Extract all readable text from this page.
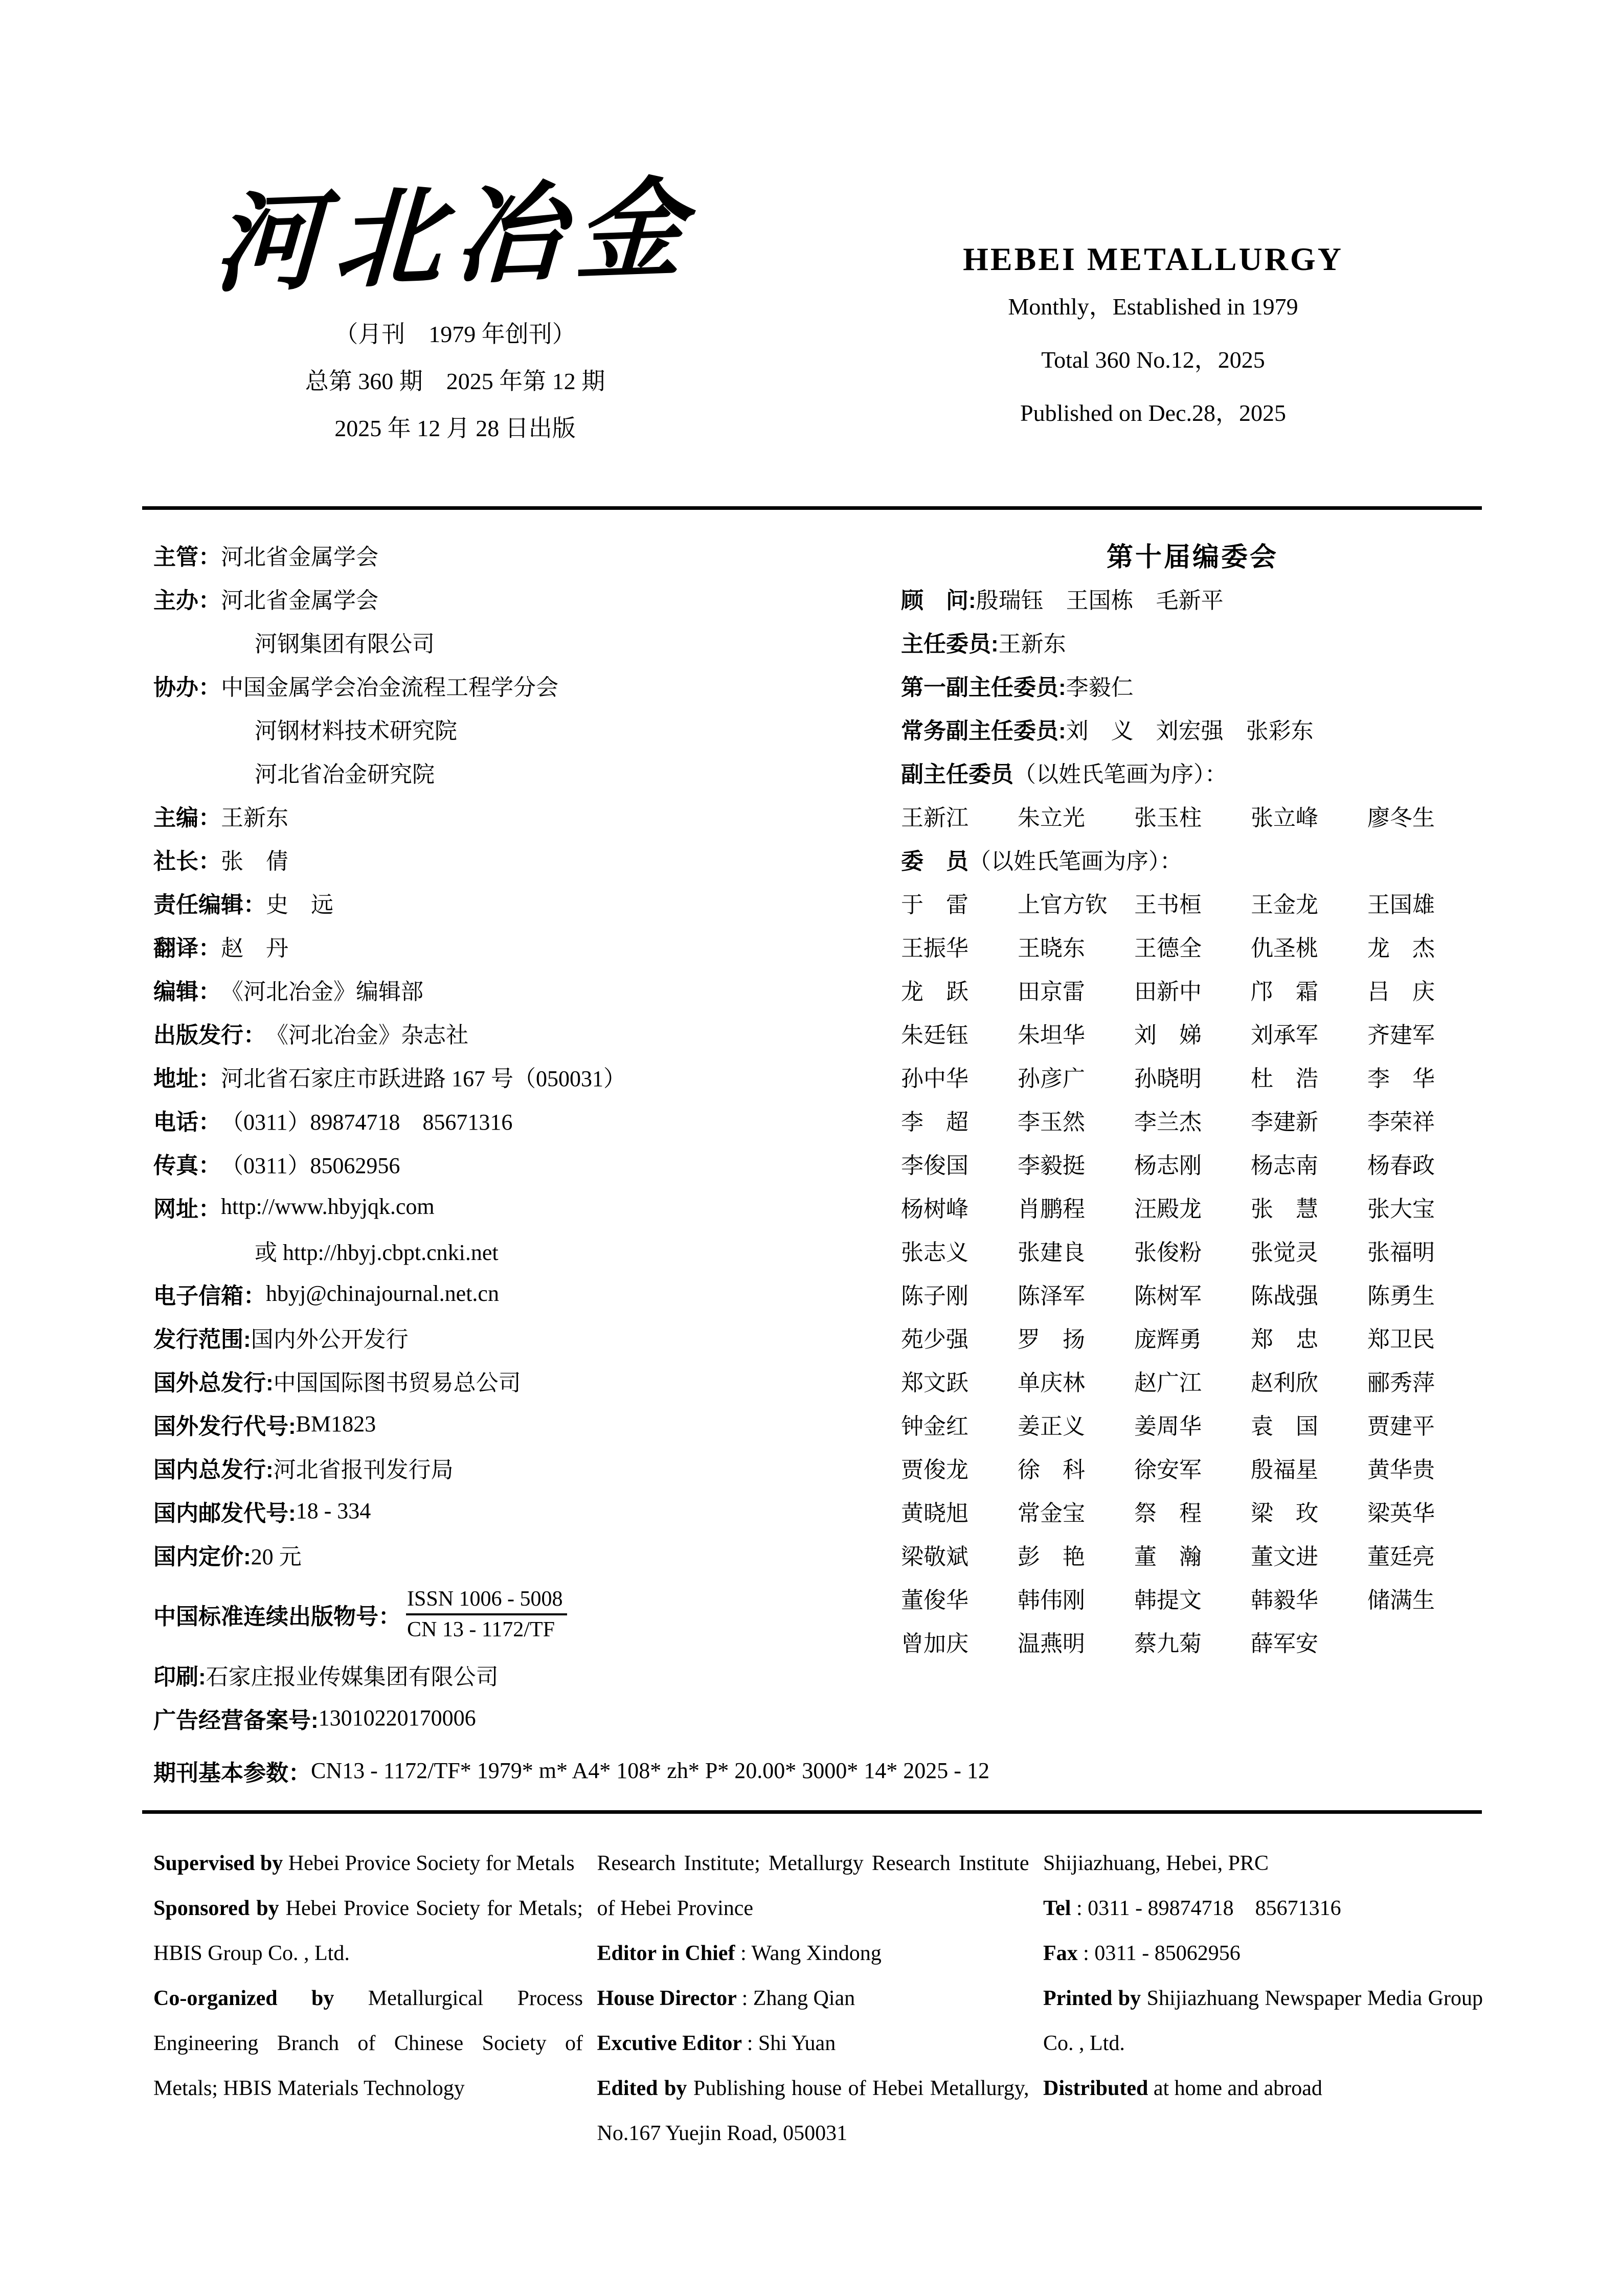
河北冶金
（月刊　1979 年创刊）
总第 360 期　2025 年第 12 期
2025 年 12 月 28 日出版
HEBEI METALLURGY
Monthly，Established in 1979
Total 360 No.12，2025
Published on Dec.28，2025
主管： 河北省金属学会
主办： 河北省金属学会
河钢集团有限公司
协办： 中国金属学会冶金流程工程学分会
河钢材料技术研究院
河北省冶金研究院
主编： 王新东
社长： 张　倩
责任编辑： 史　远
翻译： 赵　丹
编辑： 《河北冶金》编辑部
出版发行： 《河北冶金》杂志社
地址： 河北省石家庄市跃进路 167 号（050031）
电话： （0311）89874718　85671316
传真： （0311）85062956
网址： http://www.hbyjqk.com
或 http://hbyj.cbpt.cnki.net
电子信箱： hbyj@chinajournal.net.cn
发行范围: 国内外公开发行
国外总发行: 中国国际图书贸易总公司
国外发行代号: BM1823
国内总发行: 河北省报刊发行局
国内邮发代号: 18 - 334
国内定价: 20 元
中国标准连续出版物号： $\frac{\text{ISSN 1006 - 5008}}{CN 13 - 1172/TF}$
印刷: 石家庄报业传媒集团有限公司
广告经营备案号: 13010220170006
第十届编委会
顾　问: 殷瑞钰　王国栋　毛新平
主任委员: 王新东
第一副主任委员: 李毅仁
常务副主任委员: 刘　义　刘宏强　张彩东
副主任委员 （以姓氏笔画为序）：
王新江	朱立光	张玉柱	张立峰	廖冬生
委　员 （以姓氏笔画为序）：
于　雷	上官方钦	王书桓	王金龙	王国雄
王振华	王晓东	王德全	仇圣桃	龙　杰
龙　跃	田京雷	田新中	邝　霜	吕　庆
朱廷钰	朱坦华	刘　娣	刘承军	齐建军
孙中华	孙彦广	孙晓明	杜　浩	李　华
李　超	李玉然	李兰杰	李建新	李荣祥
李俊国	李毅挺	杨志刚	杨志南	杨春政
杨树峰	肖鹏程	汪殿龙	张　慧	张大宝
张志义	张建良	张俊粉	张觉灵	张福明
陈子刚	陈泽军	陈树军	陈战强	陈勇生
苑少强	罗　扬	庞辉勇	郑　忠	郑卫民
郑文跃	单庆林	赵广江	赵利欣	郦秀萍
钟金红	姜正义	姜周华	袁　国	贾建平
贾俊龙	徐　科	徐安军	殷福星	黄华贵
黄晓旭	常金宝	祭　程	梁　玫	梁英华
梁敬斌	彭　艳	董　瀚	董文进	董廷亮
董俊华	韩伟刚	韩提文	韩毅华	储满生
曾加庆	温燕明	蔡九菊	薛军安
期刊基本参数： CN13 - 1172/TF* 1979* m* A4* 108* zh* P* 20.00* 3000* 14* 2025 - 12

Supervised by Hebei Provice Society for Metals

Sponsored by Hebei Provice Society for Metals; HBIS Group Co. , Ltd.

Co-organized by Metallurgical Process Engineering Branch of Chinese Society of Metals; HBIS Materials Technology

Research Institute; Metallurgy Research Institute of Hebei Province

Editor in Chief : Wang Xindong

House Director : Zhang Qian

Excutive Editor : Shi Yuan

Edited by Publishing house of Hebei Metallurgy, No.167 Yuejin Road, 050031

Shijiazhuang, Hebei, PRC

Tel : 0311 - 89874718　85671316

Fax : 0311 - 85062956

Printed by Shijiazhuang Newspaper Media Group Co. , Ltd.

Distributed at home and abroad
